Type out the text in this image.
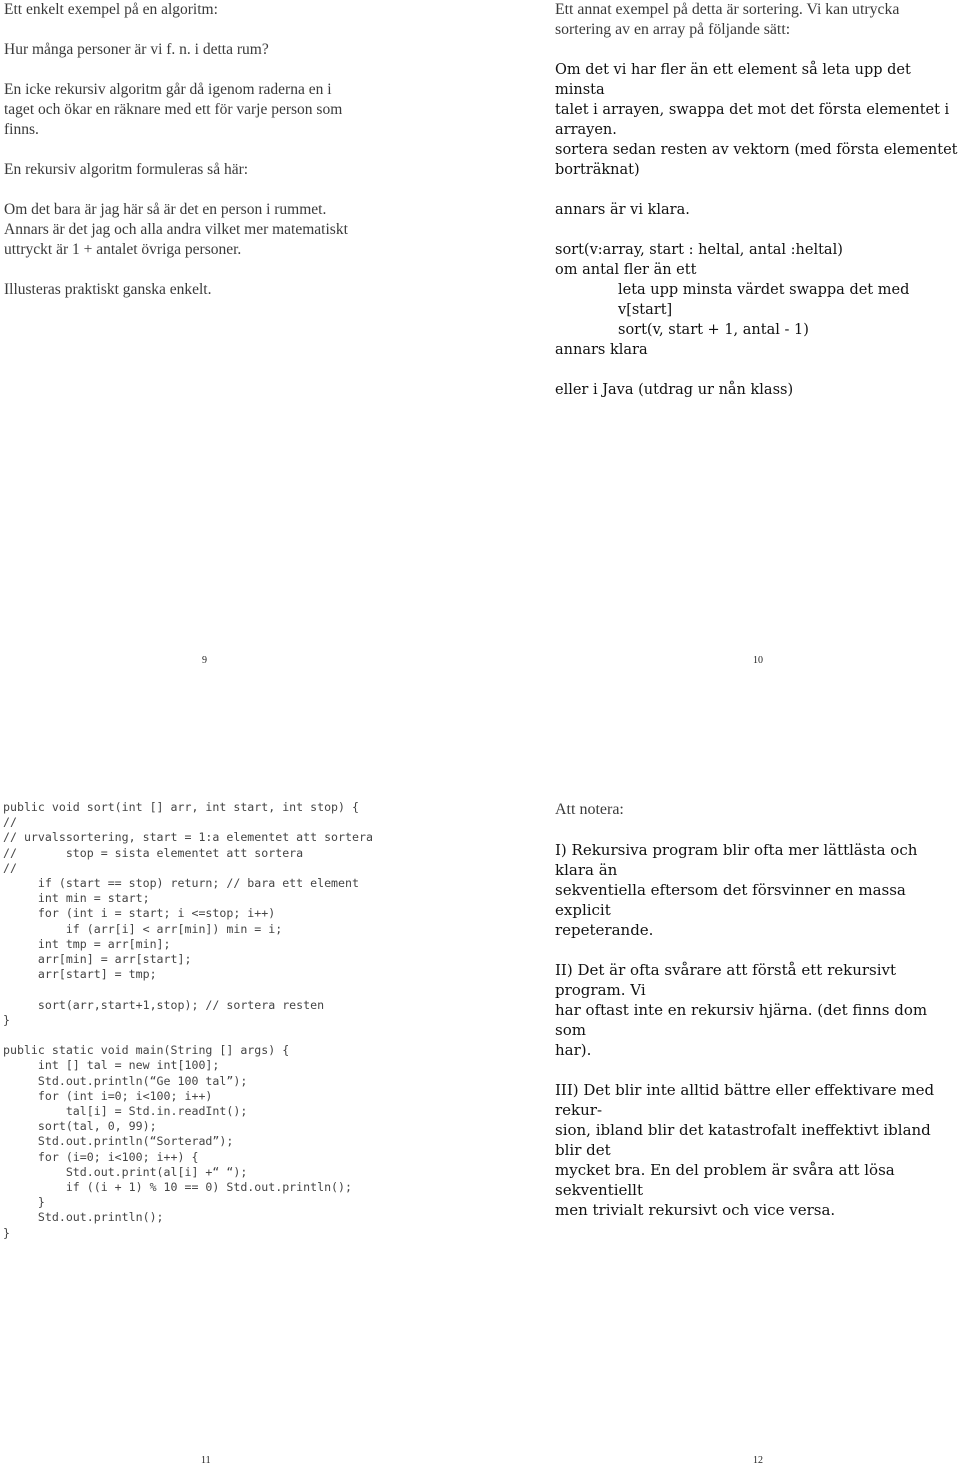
Ett enkelt exempel på en algoritm:

Hur många personer är vi f. n. i detta rum?

En icke rekursiv algoritm går då igenom raderna en i

taget och ökar en räknare med ett för varje person som

finns.

En rekursiv algoritm formuleras så här:

Om det bara är jag här så är det en person i rummet.

Annars är det jag och alla andra vilket mer matematiskt

uttryckt är 1 + antalet övriga personer.

Illusteras praktiskt ganska enkelt.

9

Ett annat exempel på detta är sortering. Vi kan utrycka

sortering av en array på följande sätt:

Om det vi har fler än ett element så leta upp det minsta

talet i arrayen, swappa det mot det första elementet i

arrayen.

sortera sedan resten av vektorn (med första elementet

borträknat)

annars är vi klara.

sort(v:array, start : heltal, antal :heltal)

om antal fler än ett

leta upp minsta värdet swappa det med v[start]

sort(v, start + 1, antal - 1)

annars klara

eller i Java (utdrag ur nån klass)

10
public void sort(int [] arr, int start, int stop) {
//
// urvalssortering, start = 1:a elementet att sortera
//       stop = sista elementet att sortera
//
if (start == stop) return; // bara ett element
int min = start;
for (int i = start; i <=stop; i++)
if (arr[i] < arr[min]) min = i;
int tmp = arr[min];
arr[min] = arr[start];
arr[start] = tmp;

sort(arr,start+1,stop); // sortera resten
}

public static void main(String [] args) {
int [] tal = new int[100];
Std.out.println(“Ge 100 tal”);
for (int i=0; i<100; i++)
tal[i] = Std.in.readInt();
sort(tal, 0, 99);
Std.out.println(“Sorterad”);
for (i=0; i<100; i++) {
Std.out.print(al[i] +“ “);
if ((i + 1) % 10 == 0) Std.out.println();
}
Std.out.println();
}
11

Att notera:

I) Rekursiva program blir ofta mer lättlästa och klara än

sekventiella eftersom det försvinner en massa explicit

repeterande.

II) Det är ofta svårare att förstå ett rekursivt program. Vi

har oftast inte en rekursiv hjärna. (det finns dom som

har).

III) Det blir inte alltid bättre eller effektivare med rekur-

sion, ibland blir det katastrofalt ineffektivt ibland blir det

mycket bra. En del problem är svåra att lösa sekventiellt

men trivialt rekursivt och vice versa.

12
